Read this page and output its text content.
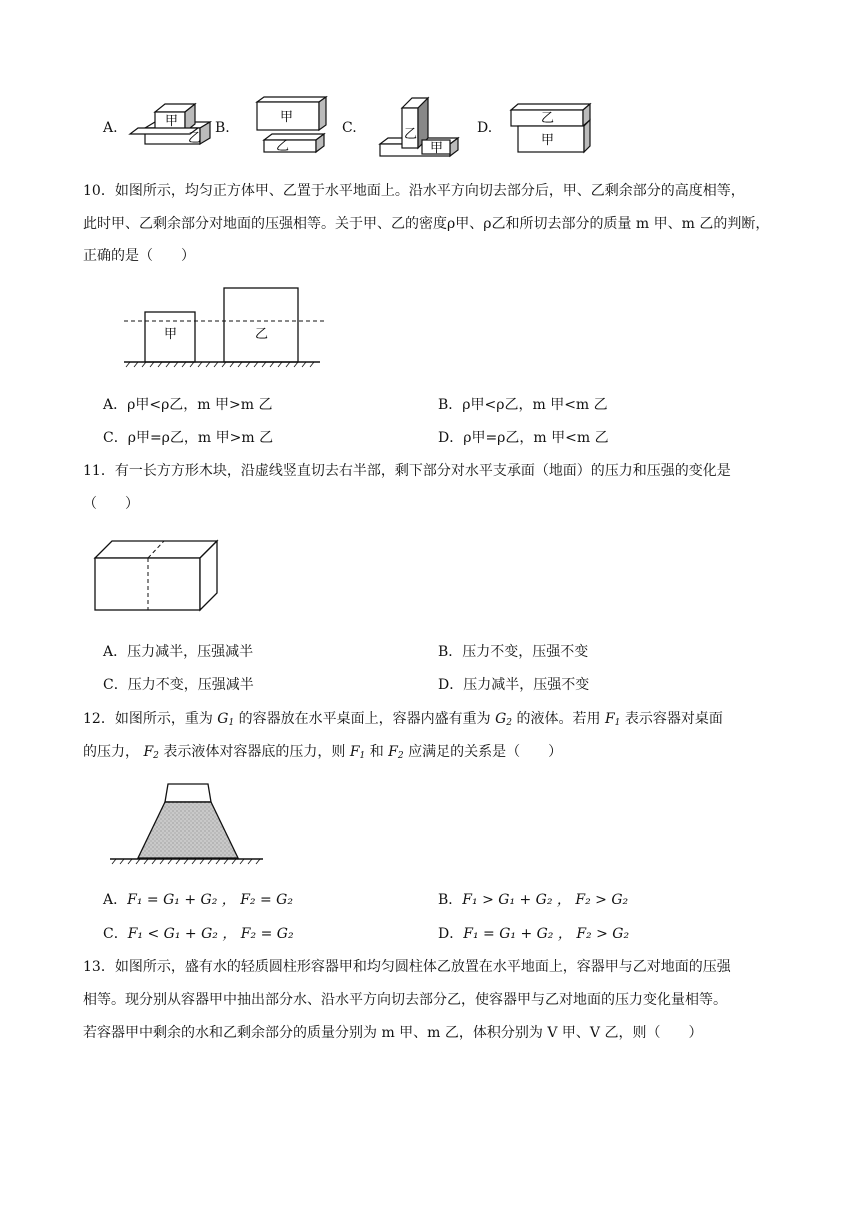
A.	B.	C.	D.
甲
乙
甲
乙
乙
甲
乙
甲
10．如图所示，均匀正方体甲、乙置于水平地面上。沿水平方向切去部分后，甲、乙剩余部分的高度相等，
此时甲、乙剩余部分对地面的压强相等。关于甲、乙的密度ρ甲、ρ乙和所切去部分的质量 m 甲、m 乙的判断，
正确的是（　　）
甲	乙
A．ρ甲<ρ乙，m 甲>m 乙	B．ρ甲<ρ乙，m 甲<m 乙
C．ρ甲=ρ乙，m 甲>m 乙	D．ρ甲=ρ乙，m 甲<m 乙
11．有一长方方形木块，沿虚线竖直切去右半部，剩下部分对水平支承面（地面）的压力和压强的变化是
（　　）
A．压力减半，压强减半	B．压力不变，压强不变
C．压力不变，压强减半	D．压力减半，压强不变
12．如图所示，重为 $G_1$ 的容器放在水平桌面上，容器内盛有重为 $G_2$ 的液体。若用 $F_1$ 表示容器对桌面
的压力， $F_2$ 表示液体对容器底的压力，则 $F_1$ 和 $F_2$ 应满足的关系是（　　）
A．F₁ = G₁ + G₂ ， F₂ = G₂	B．F₁ > G₁ + G₂ ， F₂ > G₂
C．F₁ < G₁ + G₂ ， F₂ = G₂	D．F₁ = G₁ + G₂ ， F₂ > G₂
13．如图所示，盛有水的轻质圆柱形容器甲和均匀圆柱体乙放置在水平地面上，容器甲与乙对地面的压强
相等。现分别从容器甲中抽出部分水、沿水平方向切去部分乙，使容器甲与乙对地面的压力变化量相等。
若容器甲中剩余的水和乙剩余部分的质量分别为 m 甲、m 乙，体积分别为 V 甲、V 乙，则（　　）
